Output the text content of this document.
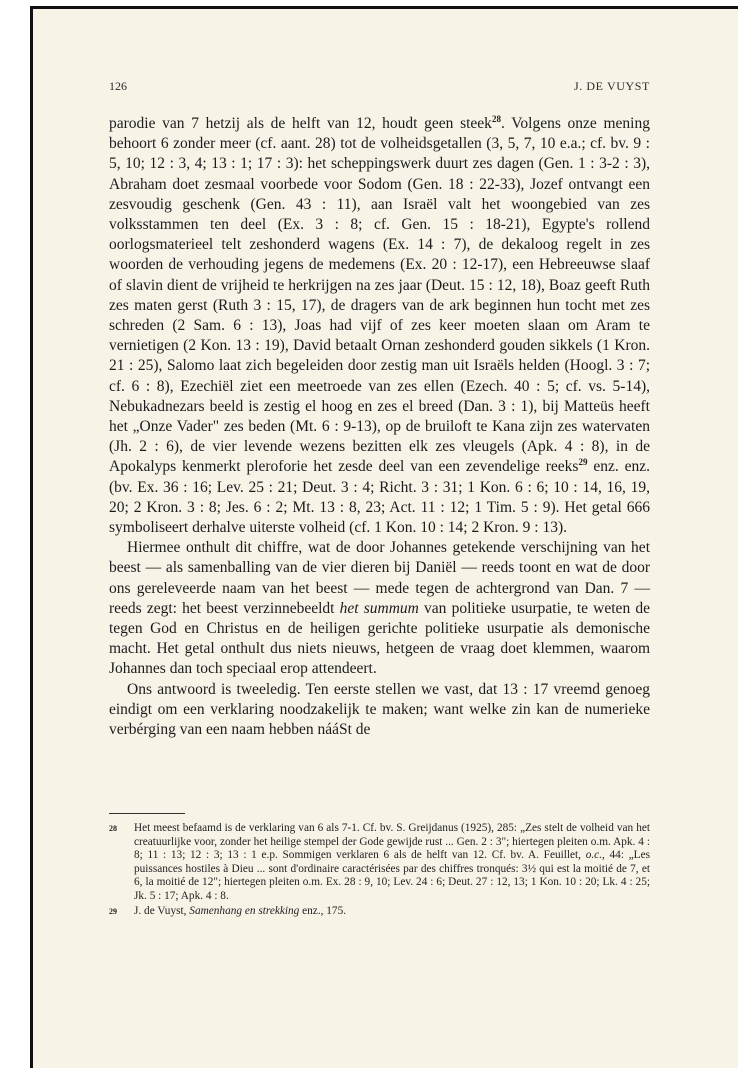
126	J. DE VUYST

parodie van 7 hetzij als de helft van 12, houdt geen steek$^{28}$. Volgens onze mening behoort 6 zonder meer (cf. aant. 28) tot de volheidsgetallen (3, 5, 7, 10 e.a.; cf. bv. 9 : 5, 10; 12 : 3, 4; 13 : 1; 17 : 3): het scheppingswerk duurt zes dagen (Gen. 1 : 3-2 : 3), Abraham doet zesmaal voorbede voor Sodom (Gen. 18 : 22-33), Jozef ontvangt een zesvoudig geschenk (Gen. 43 : 11), aan Israël valt het woongebied van zes volksstammen ten deel (Ex. 3 : 8; cf. Gen. 15 : 18-21), Egypte's rollend oorlogsmaterieel telt zeshonderd wagens (Ex. 14 : 7), de dekaloog regelt in zes woorden de verhouding jegens de medemens (Ex. 20 : 12-17), een Hebreeuwse slaaf of slavin dient de vrijheid te herkrijgen na zes jaar (Deut. 15 : 12, 18), Boaz geeft Ruth zes maten gerst (Ruth 3 : 15, 17), de dragers van de ark beginnen hun tocht met zes schreden (2 Sam. 6 : 13), Joas had vijf of zes keer moeten slaan om Aram te vernietigen (2 Kon. 13 : 19), David betaalt Ornan zeshonderd gouden sikkels (1 Kron. 21 : 25), Salomo laat zich begeleiden door zestig man uit Israëls helden (Hoogl. 3 : 7; cf. 6 : 8), Ezechiël ziet een meetroede van zes ellen (Ezech. 40 : 5; cf. vs. 5-14), Nebukadnezars beeld is zestig el hoog en zes el breed (Dan. 3 : 1), bij Matteüs heeft het „Onze Vader" zes beden (Mt. 6 : 9-13), op de bruiloft te Kana zijn zes watervaten (Jh. 2 : 6), de vier levende wezens bezitten elk zes vleugels (Apk. 4 : 8), in de Apokalyps kenmerkt pleroforie het zesde deel van een zevendelige reeks$^{29}$ enz. enz. (bv. Ex. 36 : 16; Lev. 25 : 21; Deut. 3 : 4; Richt. 3 : 31; 1 Kon. 6 : 6; 10 : 14, 16, 19, 20; 2 Kron. 3 : 8; Jes. 6 : 2; Mt. 13 : 8, 23; Act. 11 : 12; 1 Tim. 5 : 9). Het getal 666 symboliseert derhalve uiterste volheid (cf. 1 Kon. 10 : 14; 2 Kron. 9 : 13).

Hiermee onthult dit chiffre, wat de door Johannes getekende verschijning van het beest — als samenballing van de vier dieren bij Daniël — reeds toont en wat de door ons gereleveerde naam van het beest — mede tegen de achtergrond van Dan. 7 — reeds zegt: het beest verzinnebeeldt het summum van politieke usurpatie, te weten de tegen God en Christus en de heiligen gerichte politieke usurpatie als demonische macht. Het getal onthult dus niets nieuws, hetgeen de vraag doet klemmen, waarom Johannes dan toch speciaal erop attendeert.

Ons antwoord is tweeledig. Ten eerste stellen we vast, dat 13 : 17 vreemd genoeg eindigt om een verklaring noodzakelijk te maken; want welke zin kan de numerieke verbérging van een naam hebben nááSt de

28 Het meest befaamd is de verklaring van 6 als 7-1. Cf. bv. S. Greijdanus (1925), 285: „Zes stelt de volheid van het creatuurlijke voor, zonder het heilige stempel der Gode gewijde rust ... Gen. 2 : 3"; hiertegen pleiten o.m. Apk. 4 : 8; 11 : 13; 12 : 3; 13 : 1 e.p. Sommigen verklaren 6 als de helft van 12. Cf. bv. A. Feuillet, o.c., 44: „Les puissances hostiles à Dieu ... sont d'ordinaire caractérisées par des chiffres tronqués: 3½ qui est la moitié de 7, et 6, la moitié de 12"; hiertegen pleiten o.m. Ex. 28 : 9, 10; Lev. 24 : 6; Deut. 27 : 12, 13; 1 Kon. 10 : 20; Lk. 4 : 25; Jk. 5 : 17; Apk. 4 : 8.
29 J. de Vuyst, Samenhang en strekking enz., 175.
